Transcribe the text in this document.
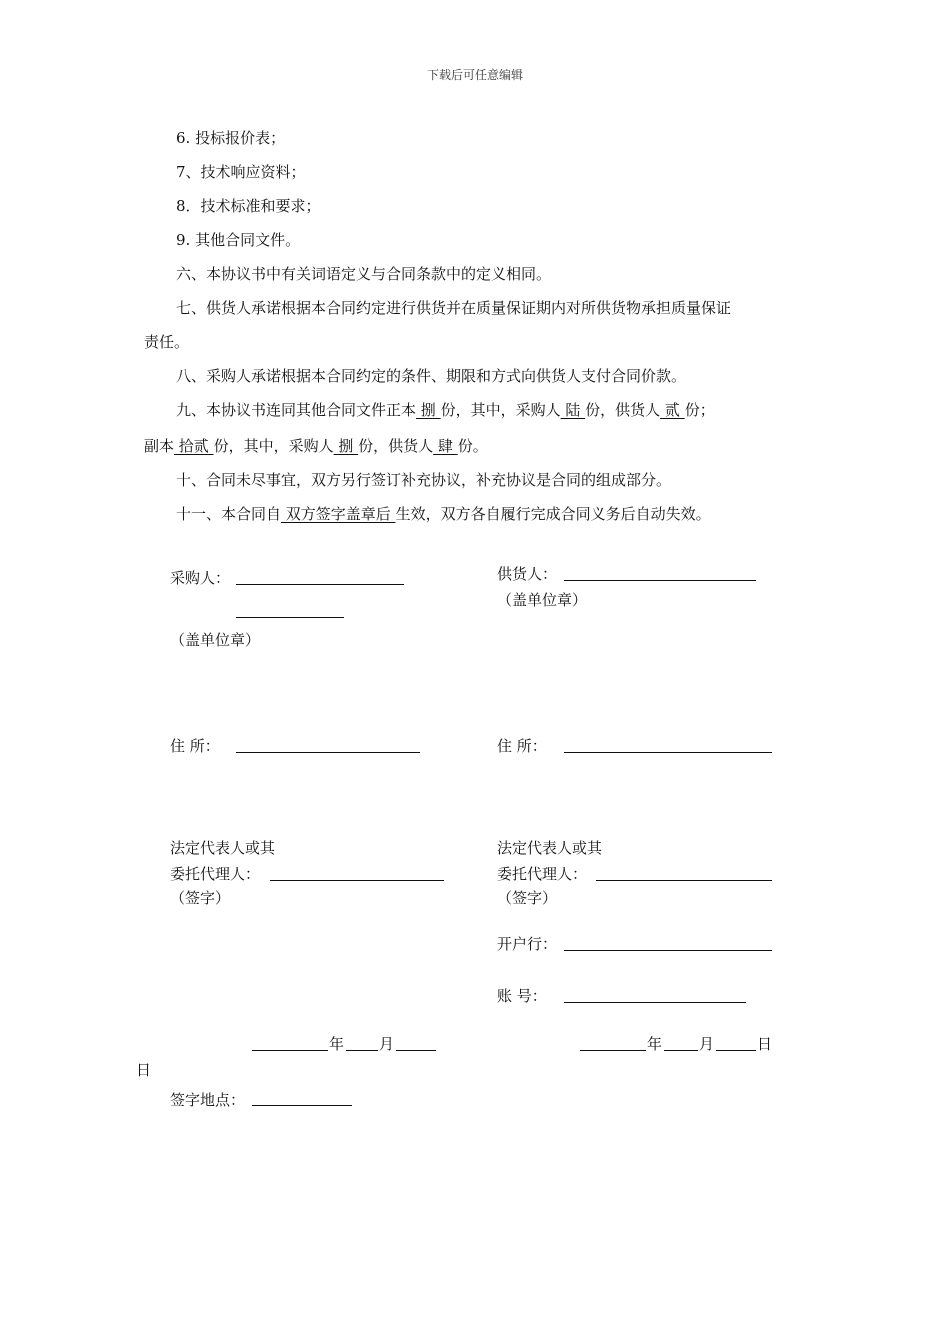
下载后可任意编辑
6. 投标报价表；
7、技术响应资料；
8．技术标准和要求；
9. 其他合同文件。
六、本协议书中有关词语定义与合同条款中的定义相同。
七、供货人承诺根据本合同约定进行供货并在质量保证期内对所供货物承担质量保证
责任。
八、采购人承诺根据本合同约定的条件、期限和方式向供货人支付合同价款。
九、本协议书连同其他合同文件正本 捌 份，其中，采购人 陆 份，供货人 贰 份；
副本 拾贰 份，其中，采购人 捌 份，供货人 肆 份。
十、合同未尽事宜，双方另行签订补充协议，补充协议是合同的组成部分。
十一、本合同自 双方签字盖章后 生效，双方各自履行完成合同义务后自动失效。
采购人：
（盖单位章）
住 所：
法定代表人或其
委托代理人：
（签字）
年 月
日
签字地点：
供货人：
（盖单位章）
住 所：
法定代表人或其
委托代理人：
（签字）
开户行：
账 号：
年 月	日
